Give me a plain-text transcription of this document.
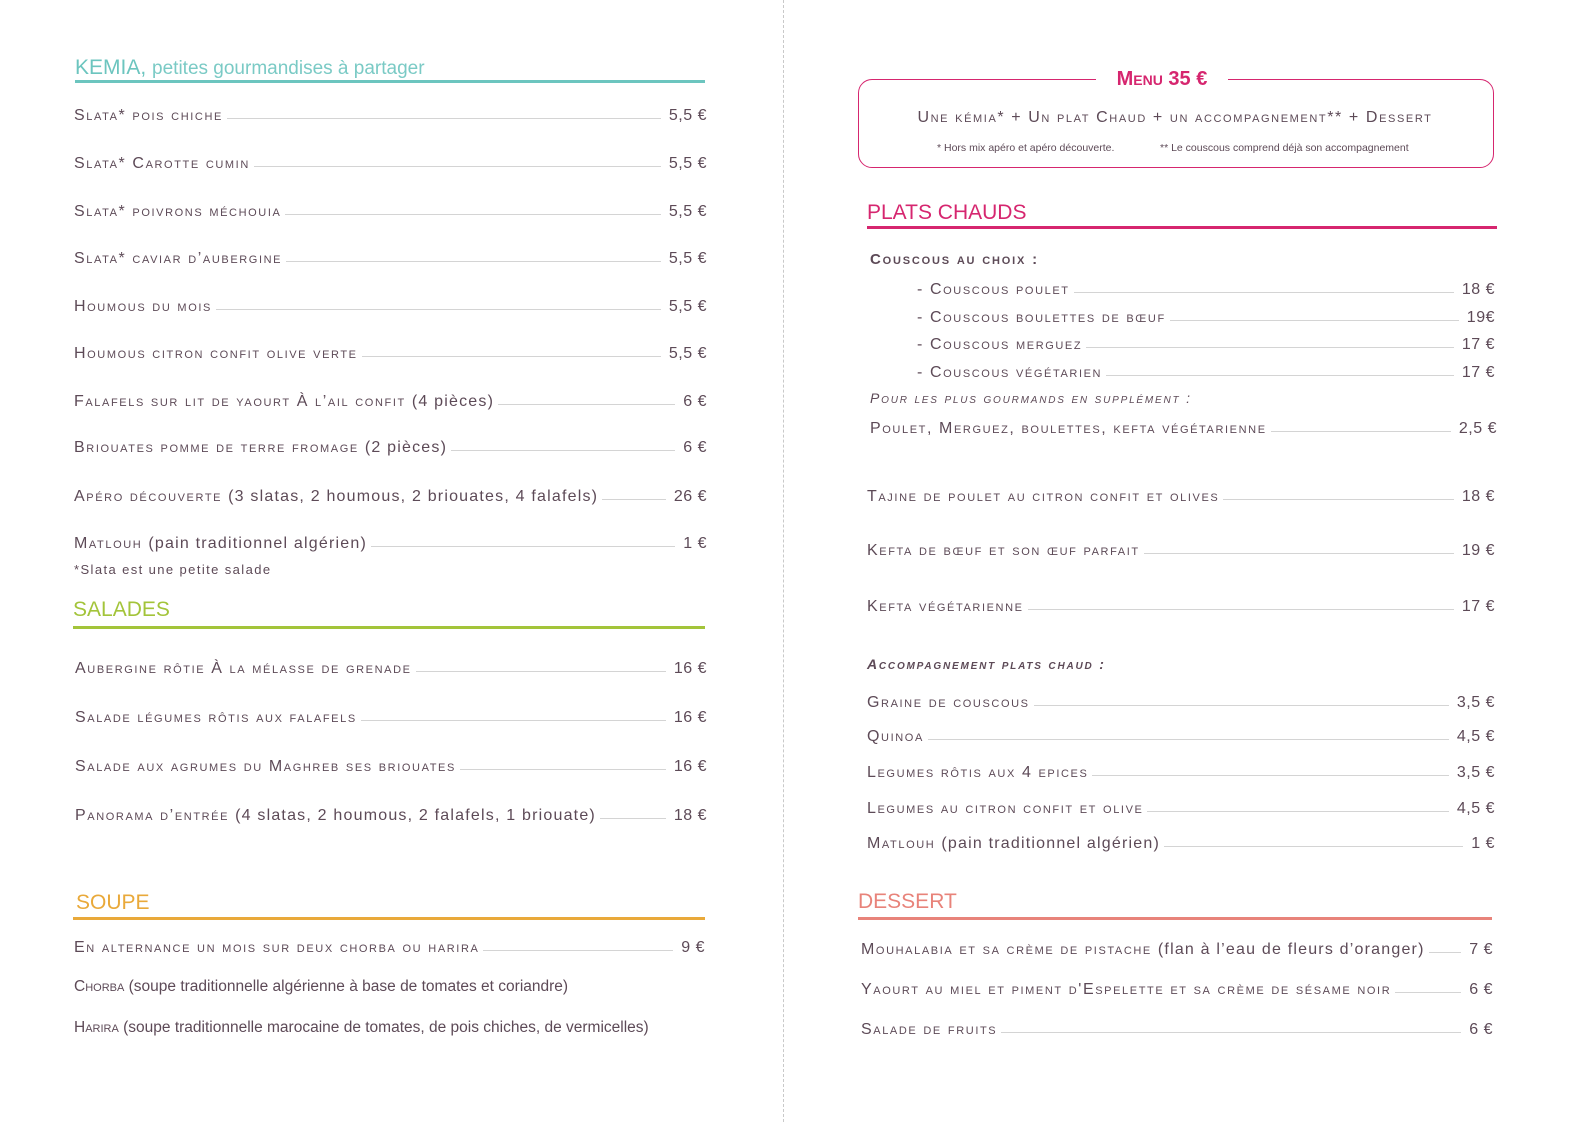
KEMIA, petites gourmandises à partager
Slata* pois chiche	5,5 €
Slata* Carotte cumin	5,5 €
Slata* poivrons méchouia	5,5 €
Slata* caviar d’aubergine	5,5 €
Houmous du mois	5,5 €
Houmous citron confit olive verte	5,5 €
Falafels sur lit de yaourt À l’ail confit (4 pièces)	6 €
Briouates pomme de terre fromage (2 pièces)	6 €
Apéro découverte (3 slatas, 2 houmous, 2 briouates, 4 falafels)	26 €
Matlouh (pain traditionnel algérien)	1 €
*Slata est une petite salade
SALADES
Aubergine rôtie À la mélasse de grenade	16 €
Salade légumes rôtis aux falafels	16 €
Salade aux agrumes du Maghreb ses briouates	16 €
Panorama d’entrée (4 slatas, 2 houmous, 2 falafels, 1 briouate)	18 €
SOUPE
En alternance un mois sur deux chorba ou harira	9 €
Chorba (soupe traditionnelle algérienne à base de tomates et coriandre)
Harira (soupe traditionnelle marocaine de tomates, de pois chiches, de vermicelles)
Menu 35 €
Une kémia* + Un plat Chaud + un accompagnement** + Dessert
* Hors mix apéro et apéro découverte.	** Le couscous comprend déjà son accompagnement
PLATS CHAUDS
Couscous au choix :
- Couscous poulet	18 €
- Couscous boulettes de bœuf	19€
- Couscous merguez	17 €
- Couscous végétarien	17 €
Pour les plus gourmands en supplément :
Poulet, Merguez, boulettes, kefta végétarienne	2,5 €
Tajine de poulet au citron confit et olives	18 €
Kefta de bœuf et son œuf parfait	19 €
Kefta végétarienne	17 €
Accompagnement plats chaud :
Graine de couscous	3,5 €
Quinoa	4,5 €
Legumes rôtis aux 4 epices	3,5 €
Legumes au citron confit et olive	4,5 €
Matlouh (pain traditionnel algérien)	1 €
DESSERT
Mouhalabia et sa crème de pistache (flan à l’eau de fleurs d’oranger)	7 €
Yaourt au miel et piment d'Espelette et sa crème de sésame noir	6 €
Salade de fruits	6 €
